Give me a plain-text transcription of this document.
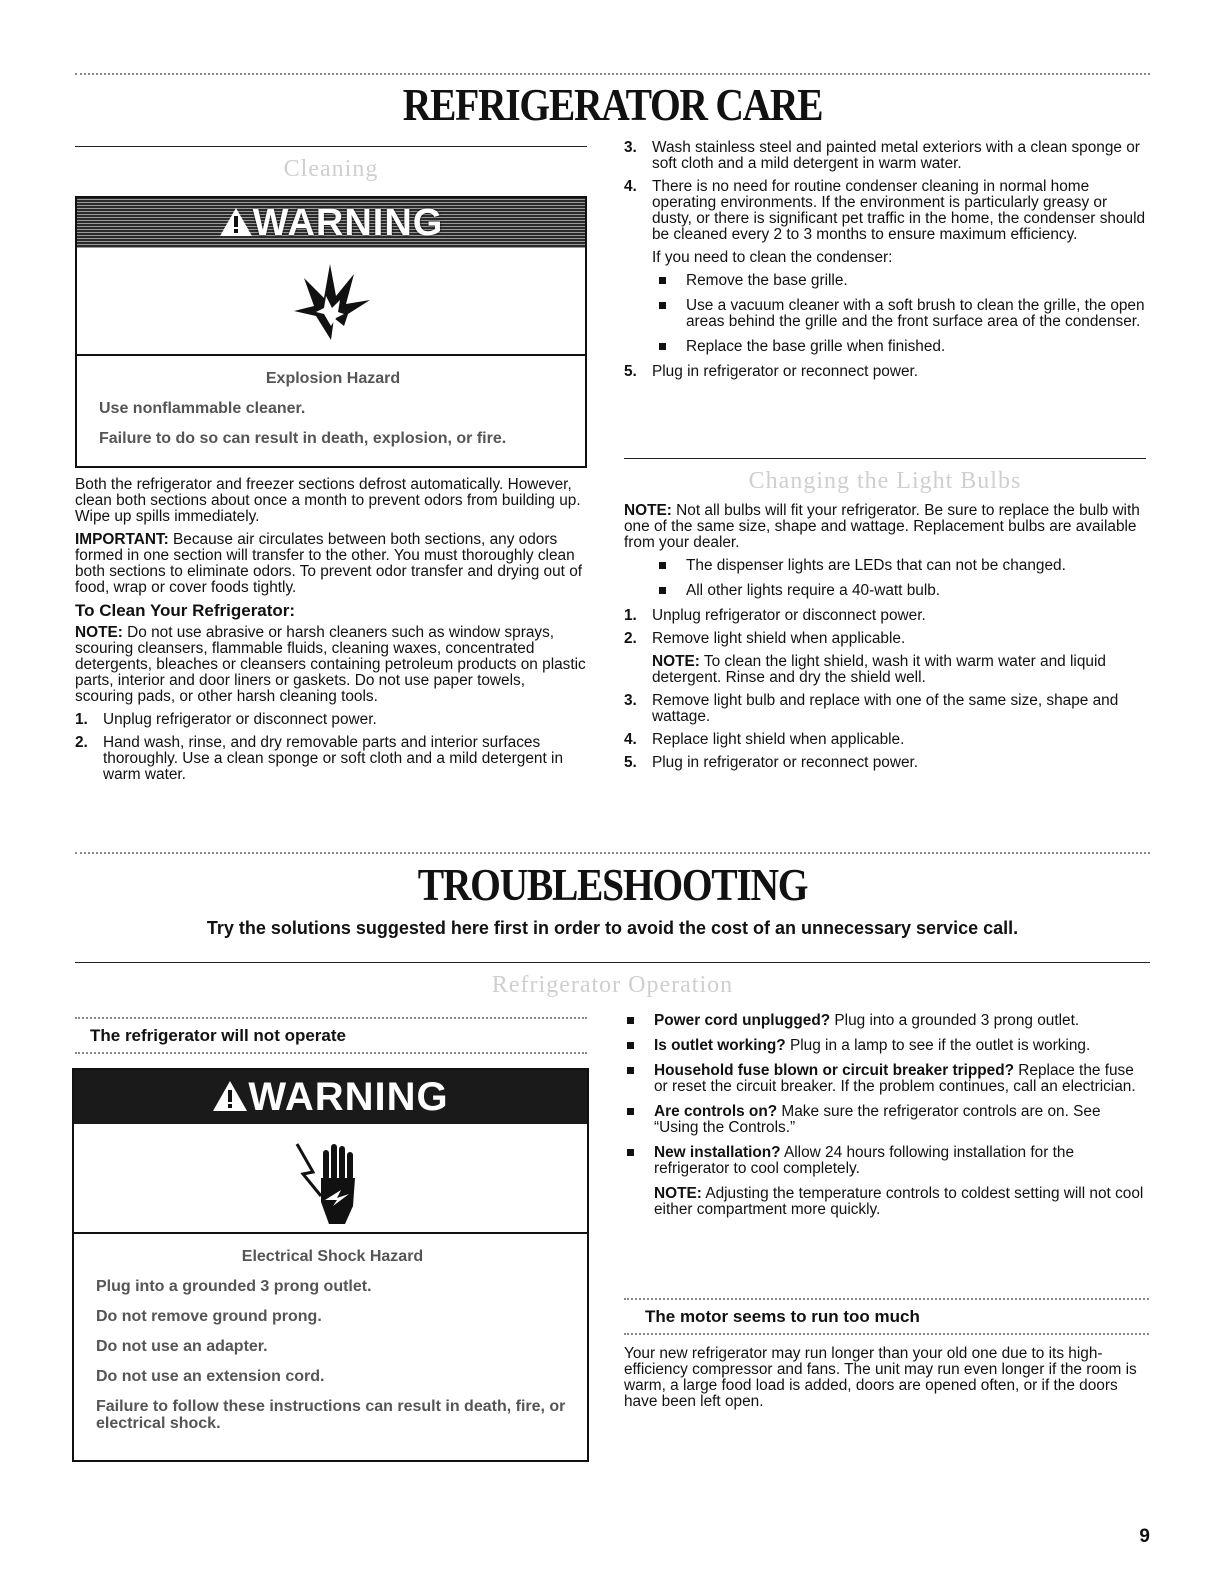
REFRIGERATOR CARE
Cleaning
WARNING

Explosion Hazard

Use nonflammable cleaner.

Failure to do so can result in death, explosion, or fire.

Both the refrigerator and freezer sections defrost automatically. However, clean both sections about once a month to prevent odors from building up. Wipe up spills immediately.

IMPORTANT: Because air circulates between both sections, any odors formed in one section will transfer to the other. You must thoroughly clean both sections to eliminate odors. To prevent odor transfer and drying out of food, wrap or cover foods tightly.

To Clean Your Refrigerator:

NOTE: Do not use abrasive or harsh cleaners such as window sprays, scouring cleansers, flammable fluids, cleaning waxes, concentrated detergents, bleaches or cleansers containing petroleum products on plastic parts, interior and door liners or gaskets. Do not use paper towels, scouring pads, or other harsh cleaning tools.

1. Unplug refrigerator or disconnect power.
2. Hand wash, rinse, and dry removable parts and interior surfaces thoroughly. Use a clean sponge or soft cloth and a mild detergent in warm water.
3. Wash stainless steel and painted metal exteriors with a clean sponge or soft cloth and a mild detergent in warm water.
4. There is no need for routine condenser cleaning in normal home operating environments. If the environment is particularly greasy or dusty, or there is significant pet traffic in the home, the condenser should be cleaned every 2 to 3 months to ensure maximum efficiency.

If you need to clean the condenser:

Remove the base grille.
Use a vacuum cleaner with a soft brush to clean the grille, the open areas behind the grille and the front surface area of the condenser.
Replace the base grille when finished.
5. Plug in refrigerator or reconnect power.
Changing the Light Bulbs

NOTE: Not all bulbs will fit your refrigerator. Be sure to replace the bulb with one of the same size, shape and wattage. Replacement bulbs are available from your dealer.

The dispenser lights are LEDs that can not be changed.
All other lights require a 40-watt bulb.
1. Unplug refrigerator or disconnect power.
2. Remove light shield when applicable.
NOTE: To clean the light shield, wash it with warm water and liquid detergent. Rinse and dry the shield well.
3. Remove light bulb and replace with one of the same size, shape and wattage.
4. Replace light shield when applicable.
5. Plug in refrigerator or reconnect power.
TROUBLESHOOTING
Try the solutions suggested here first in order to avoid the cost of an unnecessary service call.
Refrigerator Operation
The refrigerator will not operate
WARNING

Electrical Shock Hazard

Plug into a grounded 3 prong outlet.

Do not remove ground prong.

Do not use an adapter.

Do not use an extension cord.

Failure to follow these instructions can result in death, fire, or electrical shock.

Power cord unplugged? Plug into a grounded 3 prong outlet.
Is outlet working? Plug in a lamp to see if the outlet is working.
Household fuse blown or circuit breaker tripped? Replace the fuse or reset the circuit breaker. If the problem continues, call an electrician.
Are controls on? Make sure the refrigerator controls are on. See “Using the Controls.”
New installation? Allow 24 hours following installation for the refrigerator to cool completely.
NOTE: Adjusting the temperature controls to coldest setting will not cool either compartment more quickly.
The motor seems to run too much
Your new refrigerator may run longer than your old one due to its high-efficiency compressor and fans. The unit may run even longer if the room is warm, a large food load is added, doors are opened often, or if the doors have been left open.
9
